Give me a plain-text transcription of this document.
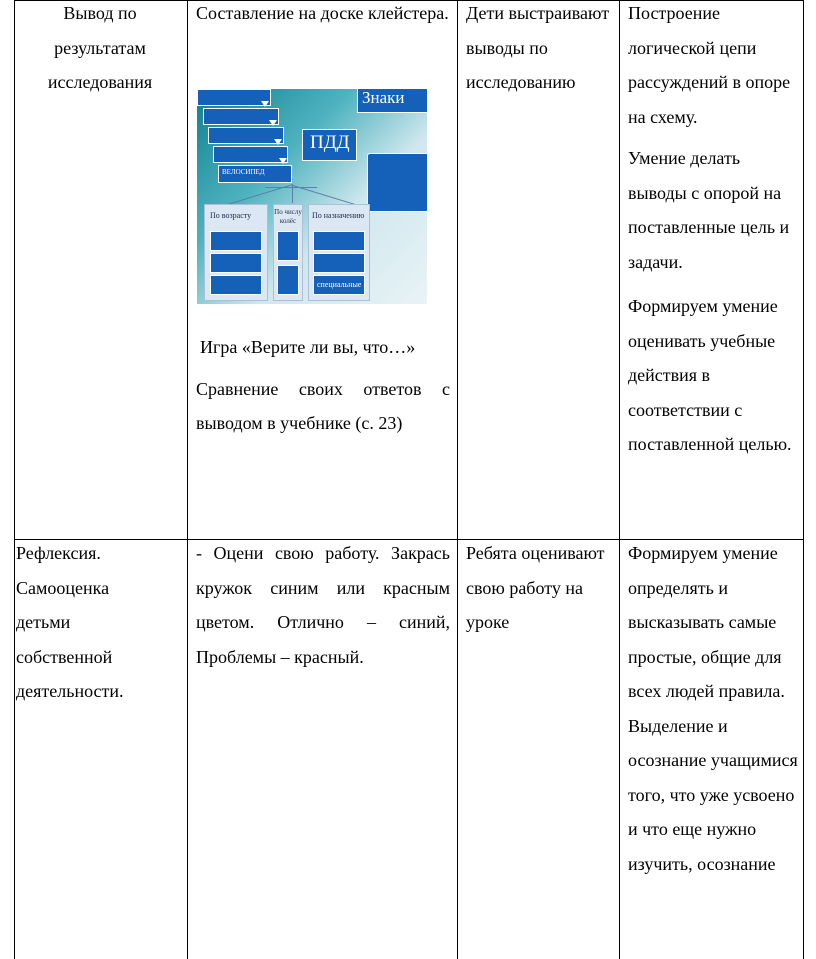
Вывод по

результатам

исследования

Составление на доске клейстера.

ВЕЛОСИПЕД
ПДД
Знаки
По возрасту	По числу колёс
По назначению
специальные

Игра «Верите ли вы, что…»

Сравнение своих ответов с выводом в учебнике (с. 23)

Дети выстраивают выводы по исследованию

Построение логической цепи рассуждений в опоре на схему.

Умение делать выводы с опорой на поставленные цель и задачи.

Формируем умение оценивать учебные действия в соответствии с поставленной целью.

Рефлексия. Самооценка детьми собственной деятельности.

- Оцени свою работу. Закрась кружок синим или красным цветом. Отлично – синий, Проблемы – красный.

Ребята оценивают свою работу на уроке

Формируем умение определять и высказывать самые простые, общие для всех людей правила. Выделение и осознание учащимися того, что уже усвоено и что еще нужно изучить, осознание
